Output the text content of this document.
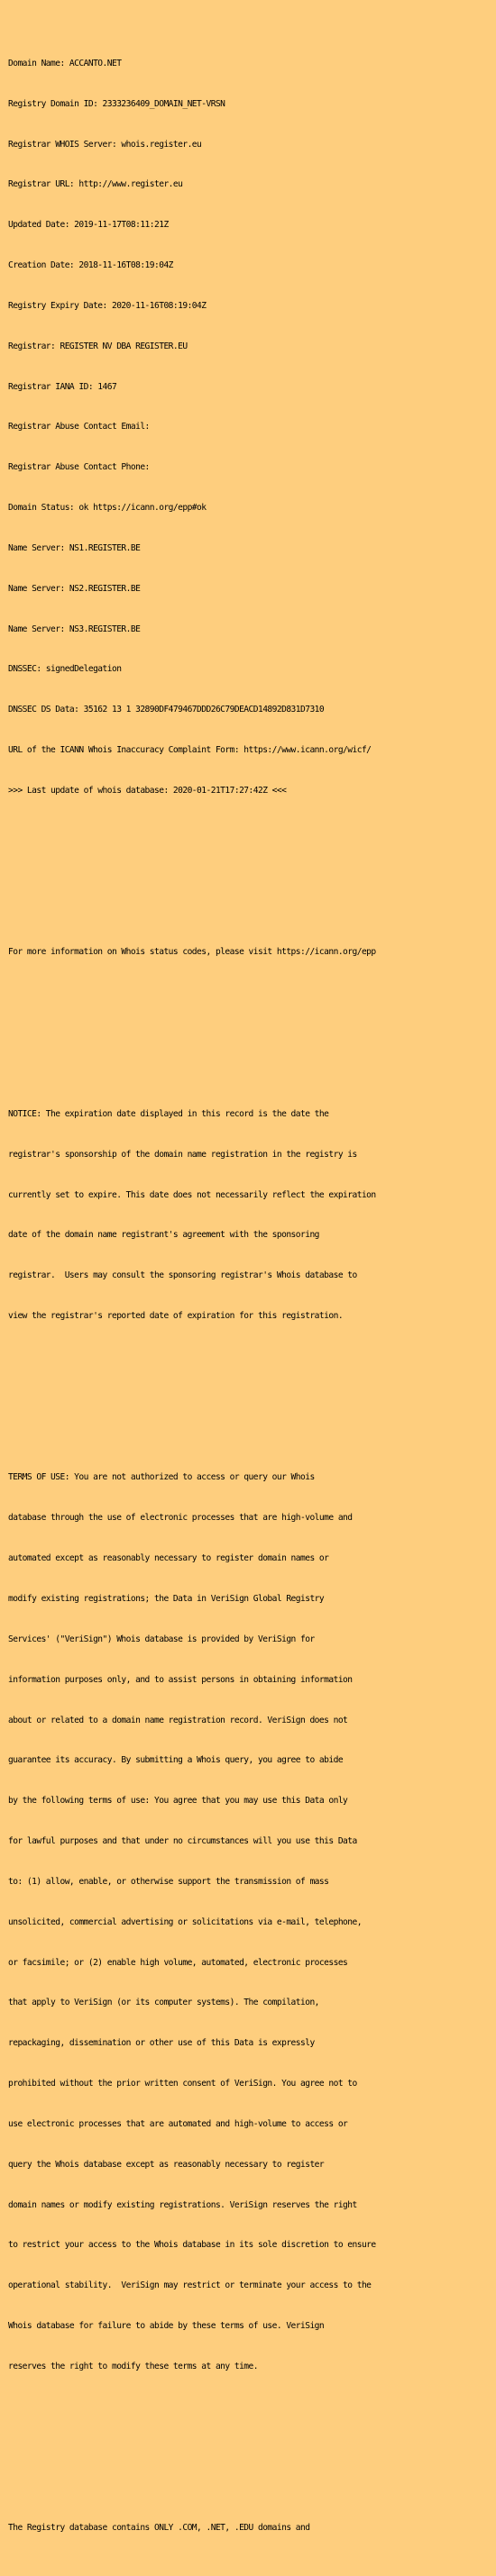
Domain Name: ACCANTO.NET

Registry Domain ID: 2333236409_DOMAIN_NET-VRSN

Registrar WHOIS Server: whois.register.eu

Registrar URL: http://www.register.eu

Updated Date: 2019-11-17T08:11:21Z

Creation Date: 2018-11-16T08:19:04Z

Registry Expiry Date: 2020-11-16T08:19:04Z

Registrar: REGISTER NV DBA REGISTER.EU

Registrar IANA ID: 1467

Registrar Abuse Contact Email:

Registrar Abuse Contact Phone:

Domain Status: ok https://icann.org/epp#ok

Name Server: NS1.REGISTER.BE

Name Server: NS2.REGISTER.BE

Name Server: NS3.REGISTER.BE

DNSSEC: signedDelegation

DNSSEC DS Data: 35162 13 1 32890DF479467DDD26C79DEACD14892D831D7310

URL of the ICANN Whois Inaccuracy Complaint Form: https://www.icann.org/wicf/

>>> Last update of whois database: 2020-01-21T17:27:42Z <<<

For more information on Whois status codes, please visit https://icann.org/epp

NOTICE: The expiration date displayed in this record is the date the

registrar's sponsorship of the domain name registration in the registry is

currently set to expire. This date does not necessarily reflect the expiration

date of the domain name registrant's agreement with the sponsoring

registrar.  Users may consult the sponsoring registrar's Whois database to

view the registrar's reported date of expiration for this registration.

TERMS OF USE: You are not authorized to access or query our Whois

database through the use of electronic processes that are high-volume and

automated except as reasonably necessary to register domain names or

modify existing registrations; the Data in VeriSign Global Registry

Services' ("VeriSign") Whois database is provided by VeriSign for

information purposes only, and to assist persons in obtaining information

about or related to a domain name registration record. VeriSign does not

guarantee its accuracy. By submitting a Whois query, you agree to abide

by the following terms of use: You agree that you may use this Data only

for lawful purposes and that under no circumstances will you use this Data

to: (1) allow, enable, or otherwise support the transmission of mass

unsolicited, commercial advertising or solicitations via e-mail, telephone,

or facsimile; or (2) enable high volume, automated, electronic processes

that apply to VeriSign (or its computer systems). The compilation,

repackaging, dissemination or other use of this Data is expressly

prohibited without the prior written consent of VeriSign. You agree not to

use electronic processes that are automated and high-volume to access or

query the Whois database except as reasonably necessary to register

domain names or modify existing registrations. VeriSign reserves the right

to restrict your access to the Whois database in its sole discretion to ensure

operational stability.  VeriSign may restrict or terminate your access to the

Whois database for failure to abide by these terms of use. VeriSign

reserves the right to modify these terms at any time.

The Registry database contains ONLY .COM, .NET, .EDU domains and
